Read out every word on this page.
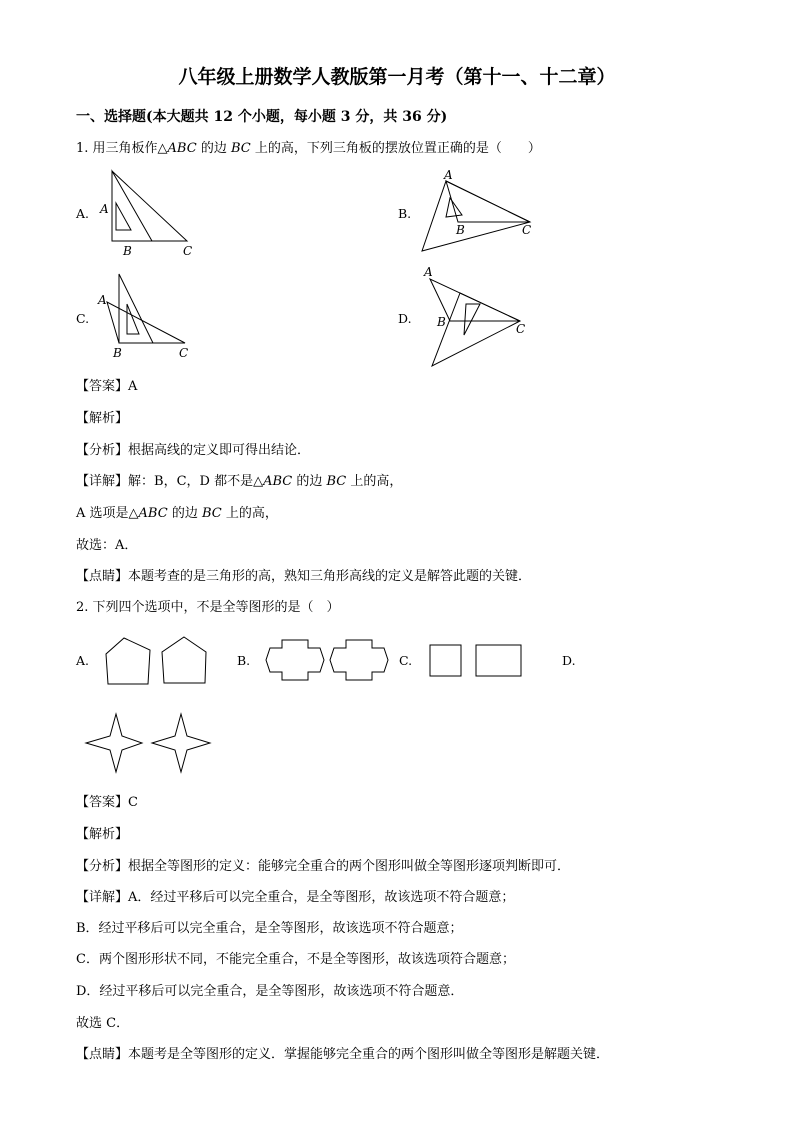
八年级上册数学人教版第一月考（第十一、十二章）
一、选择题(本大题共 12 个小题，每小题 3 分，共 36 分)
1. 用三角板作△ABC 的边 BC 上的高，下列三角板的摆放位置正确的是（　　）
A.	B.
C.	D.
A
B	C
A
B	C
A
B	C
A
B	C
【答案】A
【解析】
【分析】根据高线的定义即可得出结论．
【详解】解：B，C，D 都不是△ABC 的边 BC 上的高，
A 选项是△ABC 的边 BC 上的高，
故选：A．
【点睛】本题考查的是三角形的高，熟知三角形高线的定义是解答此题的关键．
2. 下列四个选项中，不是全等图形的是（　）
A.	B.	C.	D.
【答案】C
【解析】
【分析】根据全等图形的定义：能够完全重合的两个图形叫做全等图形逐项判断即可．
【详解】A．经过平移后可以完全重合，是全等图形，故该选项不符合题意；
B．经过平移后可以完全重合，是全等图形，故该选项不符合题意；
C．两个图形形状不同，不能完全重合，不是全等图形，故该选项符合题意；
D．经过平移后可以完全重合，是全等图形，故该选项不符合题意．
故选 C．
【点睛】本题考是全等图形的定义．掌握能够完全重合的两个图形叫做全等图形是解题关键．
